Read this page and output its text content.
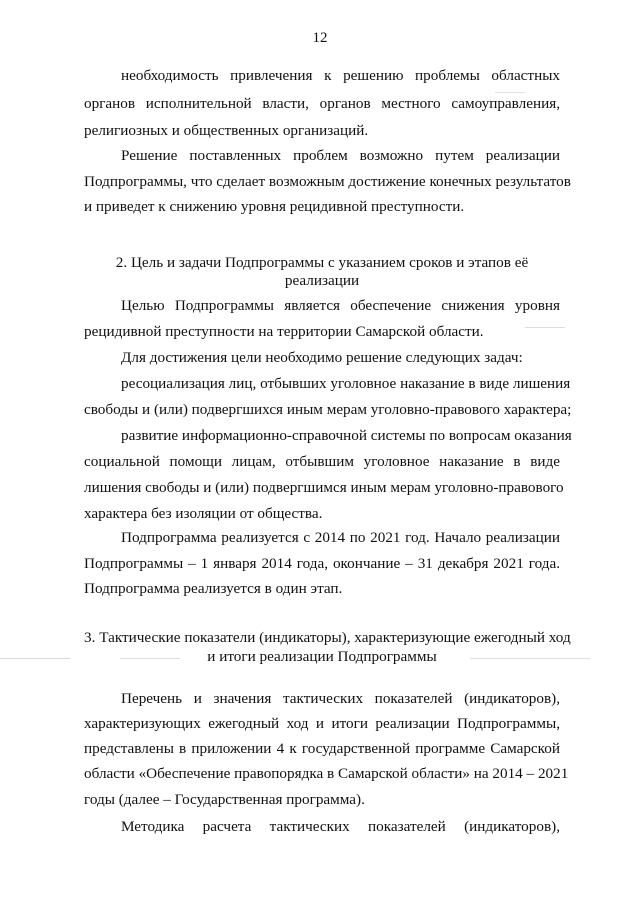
12
необходимость привлечения к решению проблемы областных
органов исполнительной власти, органов местного самоуправления,
религиозных и общественных организаций.
Решение поставленных проблем возможно путем реализации
Подпрограммы, что сделает возможным достижение конечных результатов
и приведет к снижению уровня рецидивной преступности.
2. Цель и задачи Подпрограммы с указанием сроков и этапов её
реализации
Целью Подпрограммы является обеспечение снижения уровня
рецидивной преступности на территории Самарской области.
Для достижения цели необходимо решение следующих задач:
ресоциализация лиц, отбывших уголовное наказание в виде лишения
свободы и (или) подвергшихся иным мерам уголовно-правового характера;
развитие информационно-справочной системы по вопросам оказания
социальной помощи лицам, отбывшим уголовное наказание в виде
лишения свободы и (или) подвергшимся иным мерам уголовно-правового
характера без изоляции от общества.
Подпрограмма реализуется с 2014 по 2021 год. Начало реализации
Подпрограммы – 1 января 2014 года, окончание – 31 декабря 2021 года.
Подпрограмма реализуется в один этап.
3. Тактические показатели (индикаторы), характеризующие ежегодный ход
и итоги реализации Подпрограммы
Перечень и значения тактических показателей (индикаторов),
характеризующих ежегодный ход и итоги реализации Подпрограммы,
представлены в приложении 4 к государственной программе Самарской
области «Обеспечение правопорядка в Самарской области» на 2014 – 2021
годы (далее – Государственная программа).
Методика расчета тактических показателей (индикаторов),
